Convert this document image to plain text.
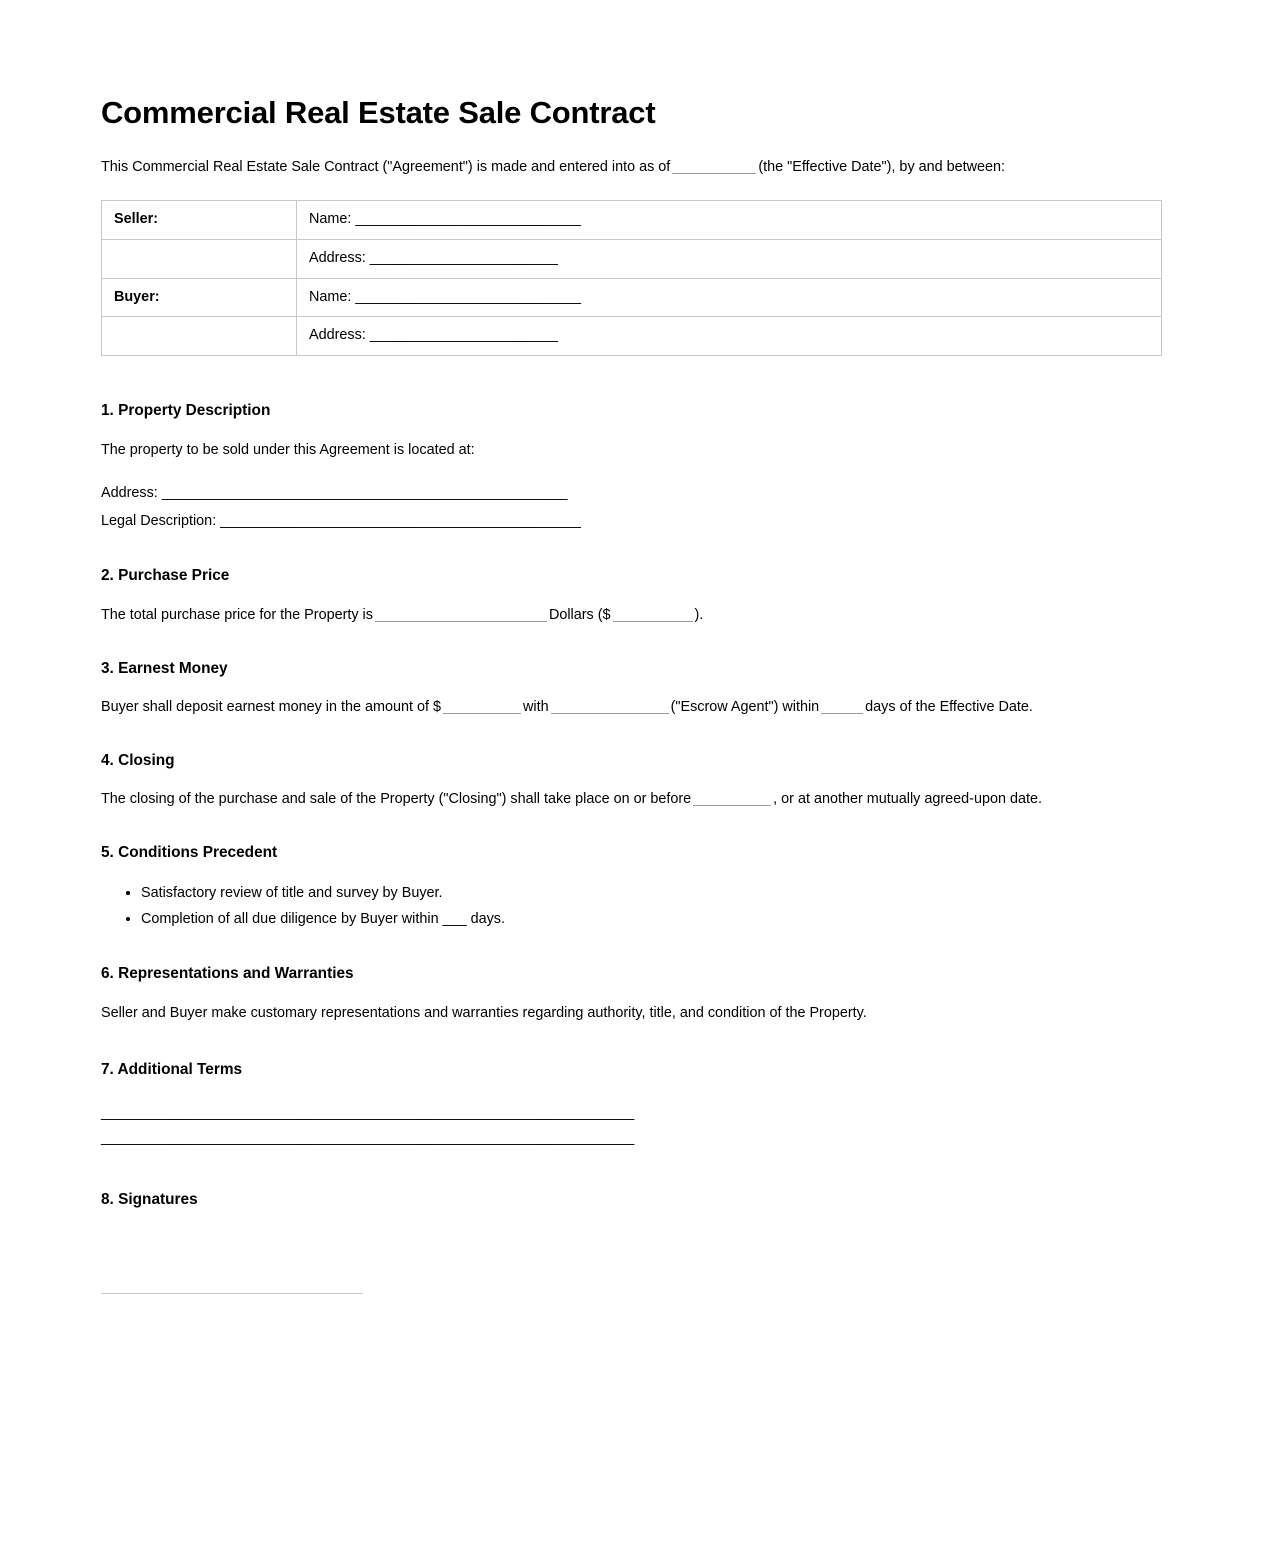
Commercial Real Estate Sale Contract

This Commercial Real Estate Sale Contract ("Agreement") is made and entered into as of	(the "Effective Date"), by and between:

Seller:	Name: ______________________________
	Address: _________________________
Buyer:	Name: ______________________________
	Address: _________________________
1. Property Description

The property to be sold under this Agreement is located at:

Address: ______________________________________________________

Legal Description: ________________________________________________

2. Purchase Price

The total purchase price for the Property is	Dollars ($	).

3. Earnest Money

Buyer shall deposit earnest money in the amount of $	with	("Escrow Agent") within	days of the Effective Date.

4. Closing

The closing of the purchase and sale of the Property ("Closing") shall take place on or before	, or at another mutually agreed-upon date.

5. Conditions Precedent
• Satisfactory review of title and survey by Buyer.
• Completion of all due diligence by Buyer within ___ days.
6. Representations and Warranties

Seller and Buyer make customary representations and warranties regarding authority, title, and condition of the Property.

7. Additional Terms
_______________________________________________________________________
_______________________________________________________________________
8. Signatures
